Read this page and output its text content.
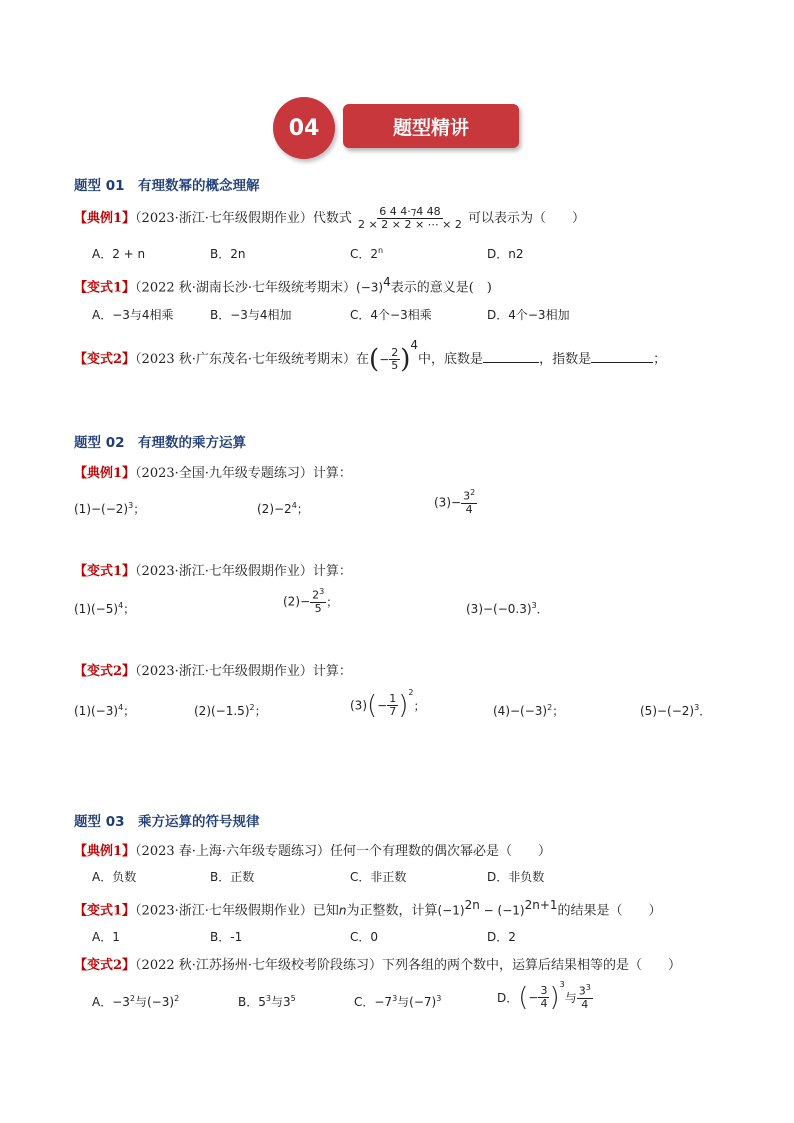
04	题型精讲
题型 01　有理数幂的概念理解
【典例1】（2023·浙江·七年级假期作业）代数式 $\frac{6 4 4\cdot⁊4 48}{2 \times 2 \times 2 \times \cdots \times 2}$ 可以表示为（　　）
A．2 + n	B．2n	C．2$^n$	D．n2
【变式1】（2022 秋·湖南长沙·七年级统考期末）$(-3)^4$表示的意义是(　)
A．−3与4相乘	B．−3与4相加	C．4个−3相乘	D．4个−3相加
【变式2】（2023 秋·广东茂名·七年级统考期末）在(− $\frac{2}{5} )^4$中，底数是	，指数是	；
题型 02　有理数的乘方运算
【典例1】（2023·全国·九年级专题练习）计算：
$(1)-(-2)^3$；	$(2)-2^4$；	$(3)- \frac{3^2}{4}$
【变式1】（2023·浙江·七年级假期作业）计算：
$(1)(-5)^4$；
$(2)- \frac{2^3}{5}$ ；
$(3)-(-0.3)^3$．
【变式2】（2023·浙江·七年级假期作业）计算：
$(1)(-3)^4$；	$(2)(-1.5)^2$；	$(3)(- \frac{1}{7} )^2$；	$(4)-(-3)^2$；	$(5)-(-2)^3$．
题型 03　乘方运算的符号规律
【典例1】（2023 春·上海·六年级专题练习）任何一个有理数的偶次幂必是（　　）
A．负数	B．正数	C．非正数	D．非负数
【变式1】（2023·浙江·七年级假期作业）已知n为正整数，计算$(-1)^{2n} - (-1)^{2n+1}$的结果是（　　）
A．1	B．-1	C．0	D．2
【变式2】（2022 秋·江苏扬州·七年级校考阶段练习）下列各组的两个数中，运算后结果相等的是（　　）
A．$-3^2$与$(-3)^2$	B．$5^3$与$3^5$	C．$-7^3$与$(-7)^3$	D．(− $\frac{3}{4} )^3$与 $\frac{3^3}{4}$
